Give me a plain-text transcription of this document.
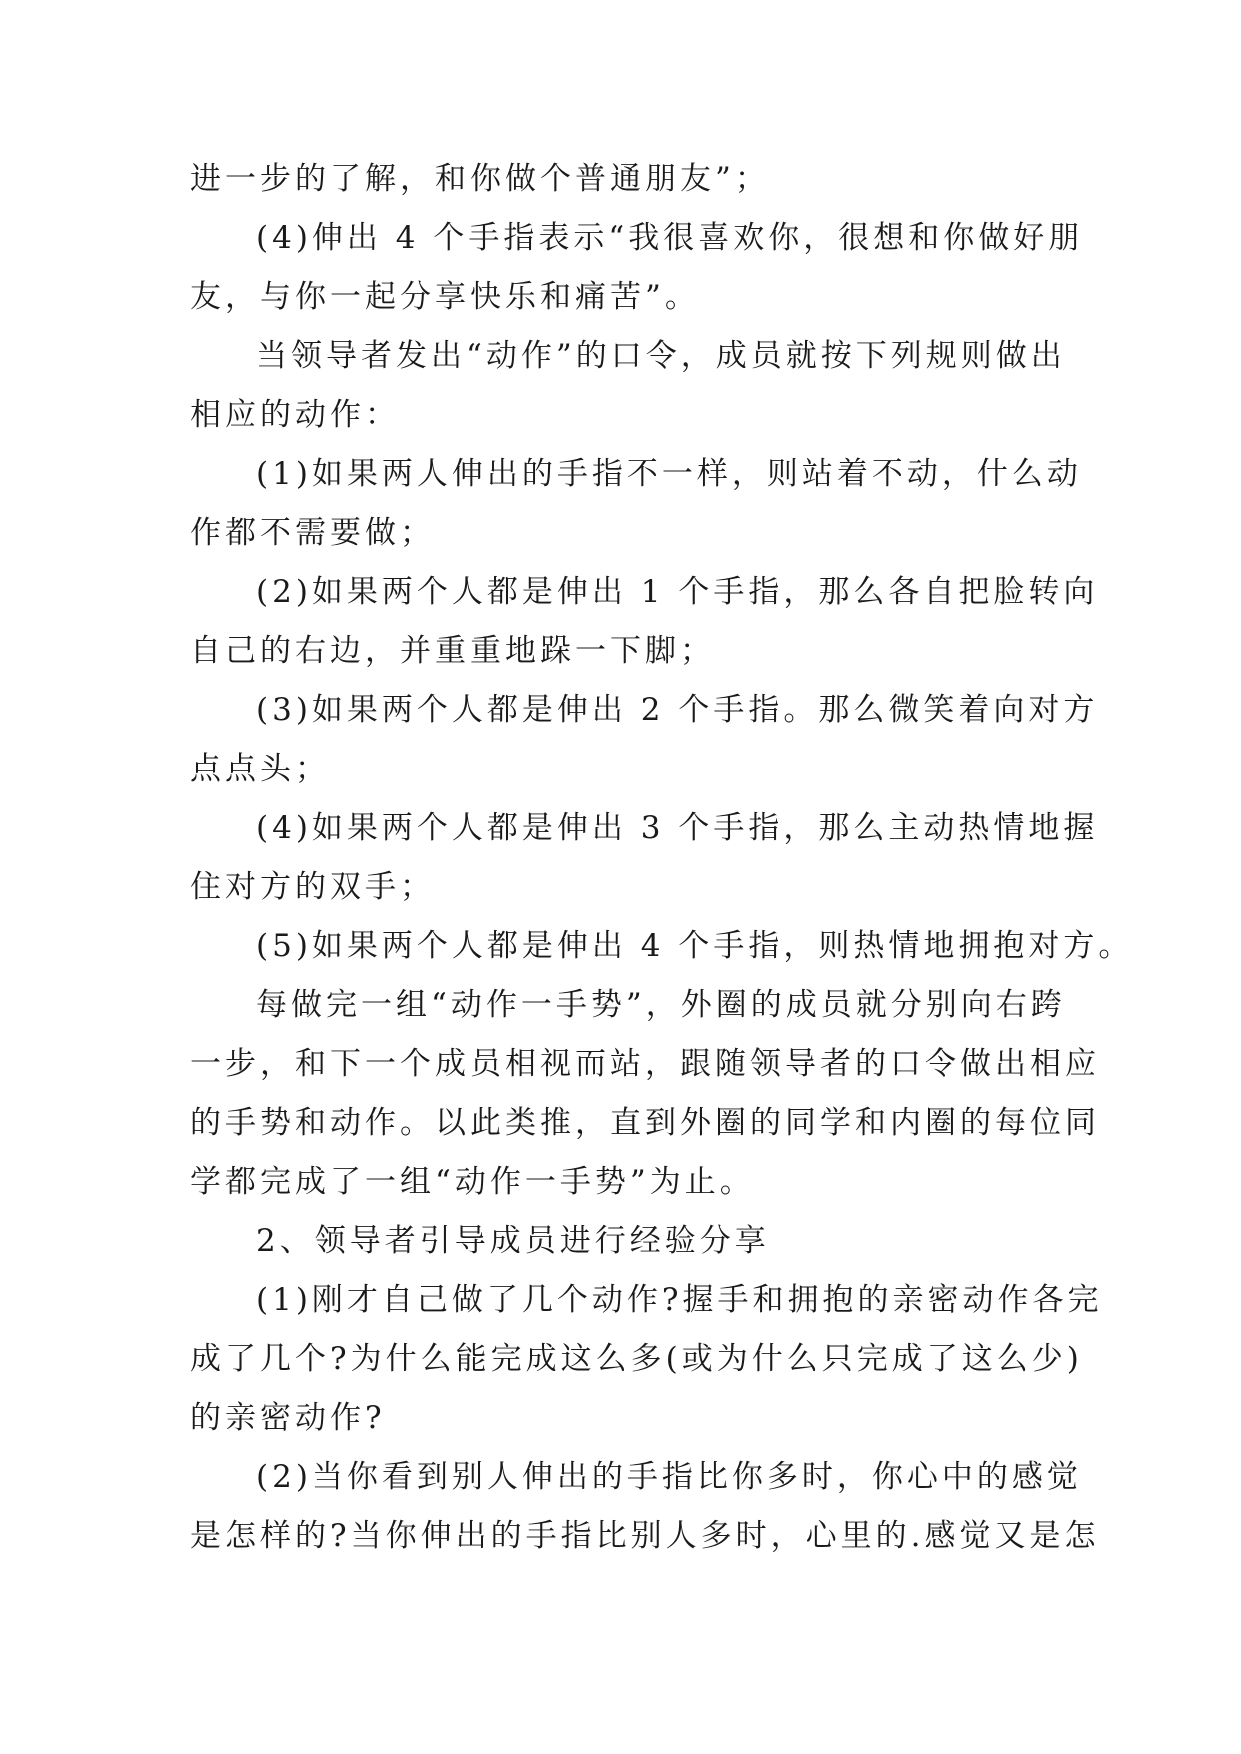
进一步的了解，和你做个普通朋友”；
(4)伸出 4 个手指表示“我很喜欢你，很想和你做好朋
友，与你一起分享快乐和痛苦”。
当领导者发出“动作”的口令，成员就按下列规则做出
相应的动作：
(1)如果两人伸出的手指不一样，则站着不动，什么动
作都不需要做；
(2)如果两个人都是伸出 1 个手指，那么各自把脸转向
自己的右边，并重重地跺一下脚；
(3)如果两个人都是伸出 2 个手指。那么微笑着向对方
点点头；
(4)如果两个人都是伸出 3 个手指，那么主动热情地握
住对方的双手；
(5)如果两个人都是伸出 4 个手指，则热情地拥抱对方。
每做完一组“动作一手势”，外圈的成员就分别向右跨
一步，和下一个成员相视而站，跟随领导者的口令做出相应
的手势和动作。以此类推，直到外圈的同学和内圈的每位同
学都完成了一组“动作一手势”为止。
2、领导者引导成员进行经验分享
(1)刚才自己做了几个动作?握手和拥抱的亲密动作各完
成了几个?为什么能完成这么多(或为什么只完成了这么少)
的亲密动作?
(2)当你看到别人伸出的手指比你多时，你心中的感觉
是怎样的?当你伸出的手指比别人多时，心里的.感觉又是怎
